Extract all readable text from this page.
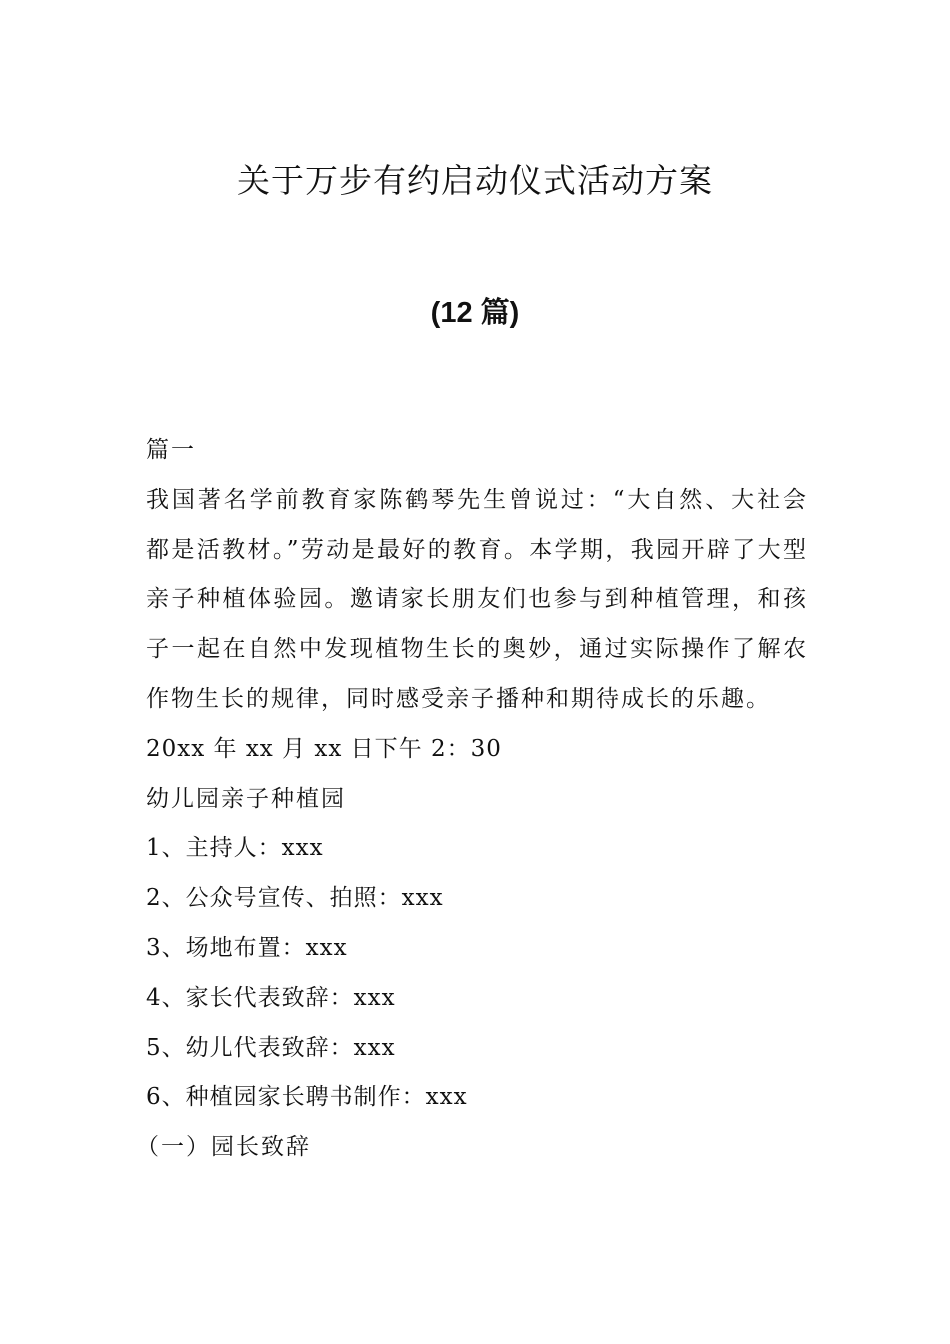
关于万步有约启动仪式活动方案
(12 篇)

篇一

我国著名学前教育家陈鹤琴先生曾说过：“大自然、大社会都是活教材。”劳动是最好的教育。本学期，我园开辟了大型亲子种植体验园。邀请家长朋友们也参与到种植管理，和孩子一起在自然中发现植物生长的奥妙，通过实际操作了解农作物生长的规律，同时感受亲子播种和期待成长的乐趣。

20xx 年 xx 月 xx 日下午 2：30

幼儿园亲子种植园

1、主持人：xxx

2、公众号宣传、拍照：xxx

3、场地布置：xxx

4、家长代表致辞：xxx

5、幼儿代表致辞：xxx

6、种植园家长聘书制作：xxx

（一）园长致辞
